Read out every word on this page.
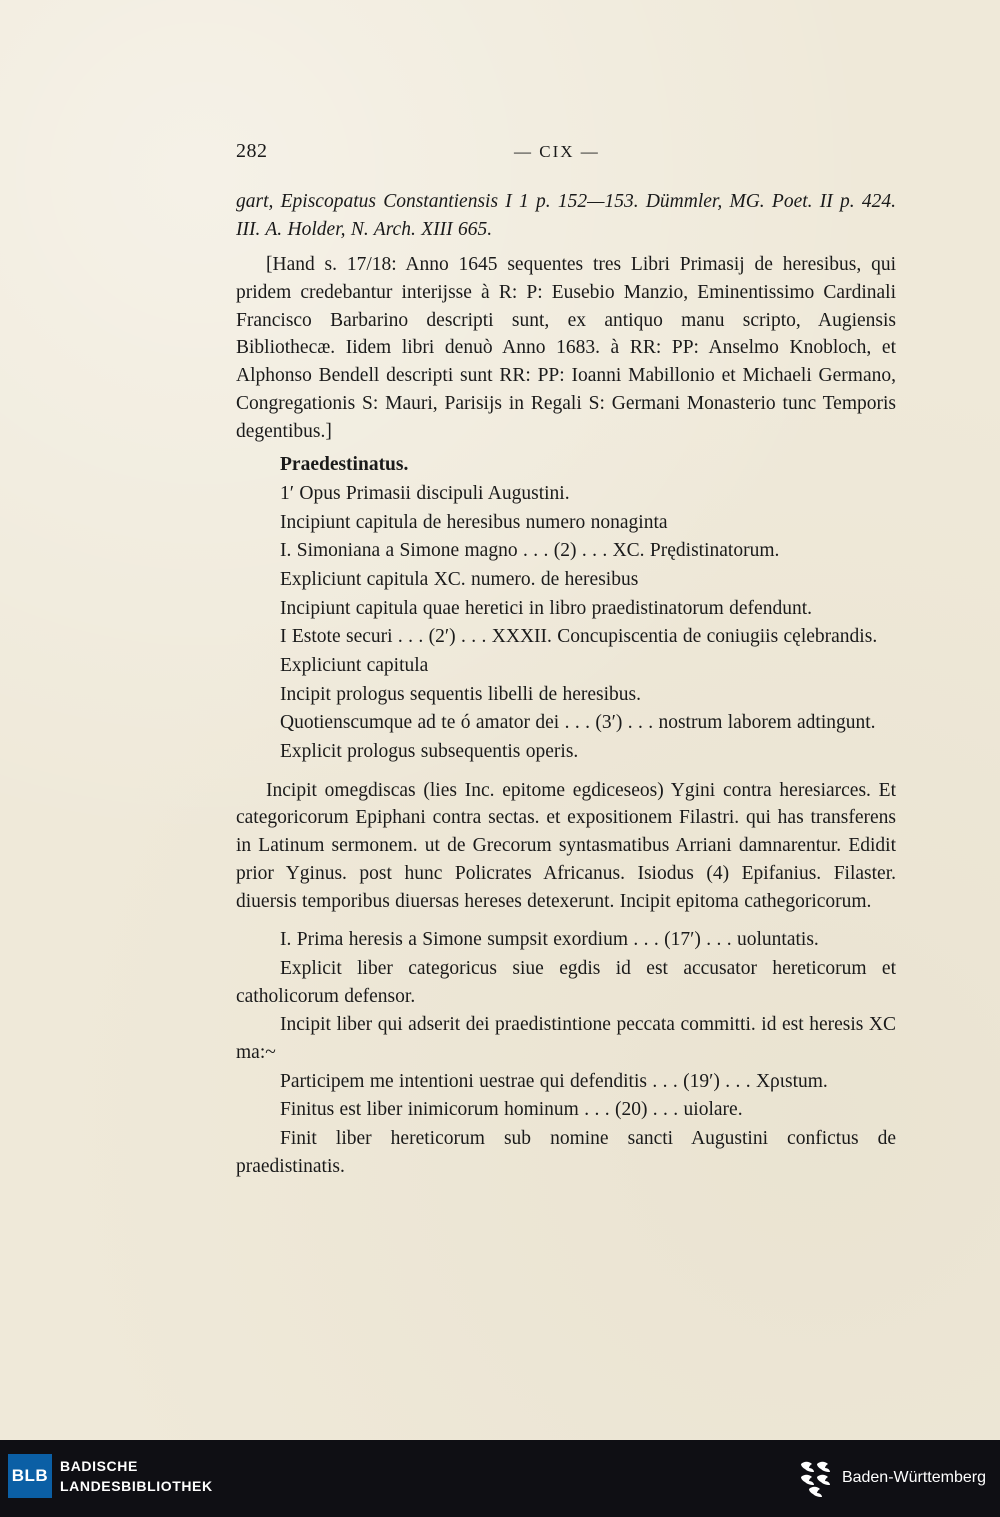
282	— CIX —

gart, Episcopatus Constantiensis I 1 p. 152—153. Dümmler, MG. Poet. II p. 424. III. A. Holder, N. Arch. XIII 665.

[Hand s. 17/18: Anno 1645 sequentes tres Libri Primasij de heresibus, qui pridem credebantur interijsse à R: P: Eusebio Manzio, Eminentissimo Cardinali Francisco Barbarino descripti sunt, ex antiquo manu scripto, Augiensis Bibliothecæ. Iidem libri denuò Anno 1683. à RR: PP: Anselmo Knobloch, et Alphonso Bendell descripti sunt RR: PP: Ioanni Mabillonio et Michaeli Germano, Congregationis S: Mauri, Parisijs in Regali S: Germani Monasterio tunc Temporis degentibus.]

Praedestinatus.

1′ Opus Primasii discipuli Augustini.

Incipiunt capitula de heresibus numero nonaginta

I. Simoniana a Simone magno . . . (2) . . . XC. Prędistinatorum.

Expliciunt capitula XC. numero. de heresibus

Incipiunt capitula quae heretici in libro praedistinatorum defendunt.

I Estote securi . . . (2′) . . . XXXII. Concupiscentia de coniugiis cęlebrandis.

Expliciunt capitula

Incipit prologus sequentis libelli de heresibus.

Quotienscumque ad te ó amator dei . . . (3′) . . . nostrum laborem adtingunt.

Explicit prologus subsequentis operis.

Incipit omegdiscas (lies Inc. epitome egdiceseos) Ygini contra heresiarces. Et categoricorum Epiphani contra sectas. et expositionem Filastri. qui has transferens in Latinum sermonem. ut de Grecorum syntasmatibus Arriani damnarentur. Edidit prior Yginus. post hunc Policrates Africanus. Isiodus (4) Epifanius. Filaster. diuersis temporibus diuersas hereses detexerunt. Incipit epitoma cathegoricorum.

I. Prima heresis a Simone sumpsit exordium . . . (17′) . . . uoluntatis.

Explicit liber categoricus siue egdis id est accusator hereticorum et catholicorum defensor.

Incipit liber qui adserit dei praedistintione peccata committi. id est heresis XC ma:~

Participem me intentioni uestrae qui defenditis . . . (19′) . . . Χριstum.

Finitus est liber inimicorum hominum . . . (20) . . . uiolare.

Finit liber hereticorum sub nomine sancti Augustini confictus de praedistinatis.

BLB BADISCHE
LANDESBIBLIOTHEK
Baden-Württemberg
